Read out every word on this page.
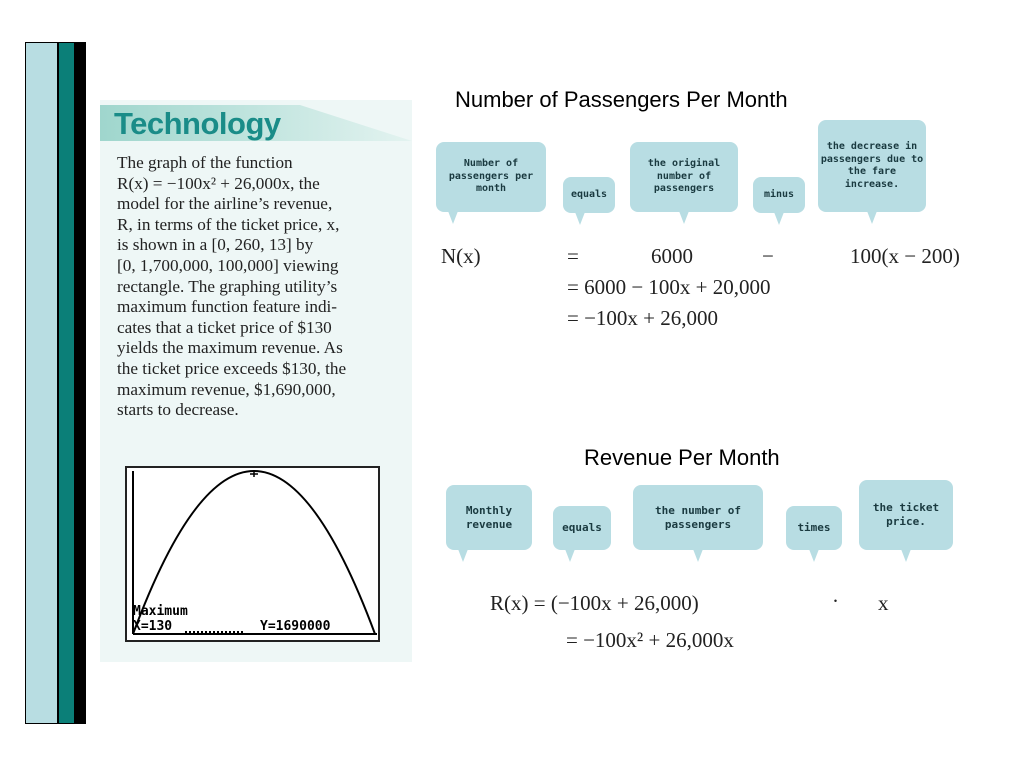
Technology

The graph of the function

R(x) = −100x² + 26,000x, the

model for the airline’s revenue,

R, in terms of the ticket price, x,

is shown in a [0, 260, 13] by

[0, 1,700,000, 100,000] viewing

rectangle. The graphing utility’s

maximum function feature indi-

cates that a ticket price of $130

yields the maximum revenue. As

the ticket price exceeds $130, the

maximum revenue, $1,690,000,

starts to decrease.

Maximum
X=130	Y=1690000
Number of Passengers Per Month
Number of passengers per month	equals
the original number of passengers	minus
the decrease in passengers due to the fare increase.
N(x)	=	6000	−	100(x − 200)
= 6000 − 100x + 20,000
= −100x + 26,000
Revenue Per Month
Monthly revenue	equals
the number of passengers	times
the ticket price.
R(x) = (−100x + 26,000)	· x
= −100x² + 26,000x
